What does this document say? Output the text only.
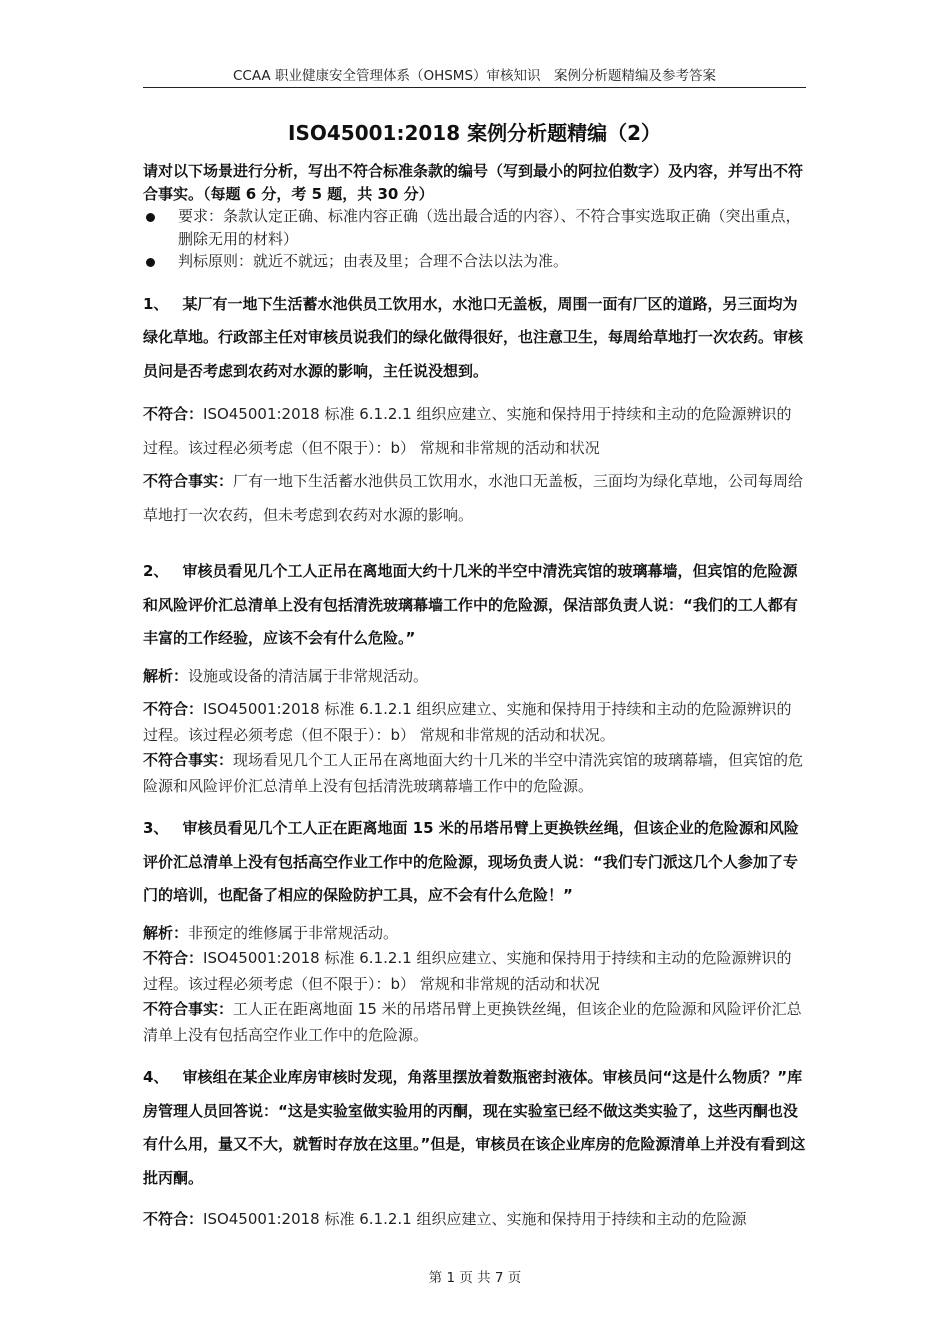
CCAA 职业健康安全管理体系（OHSMS）审核知识　案例分析题精编及参考答案
ISO45001:2018 案例分析题精编（2）

请对以下场景进行分析，写出不符合标准条款的编号（写到最小的阿拉伯数字）及内容，并写出不符合事实。（每题 6 分，考 5 题，共 30 分）

要求：条款认定正确、标准内容正确（选出最合适的内容）、不符合事实选取正确（突出重点，删除无用的材料）
判标原则：就近不就远；由表及里；合理不合法以法为准。

1、 某厂有一地下生活蓄水池供员工饮用水，水池口无盖板，周围一面有厂区的道路，另三面均为绿化草地。行政部主任对审核员说我们的绿化做得很好，也注意卫生，每周给草地打一次农药。审核员问是否考虑到农药对水源的影响，主任说没想到。

不符合：ISO45001:2018 标准 6.1.2.1 组织应建立、实施和保持用于持续和主动的危险源辨识的过程。该过程必须考虑（但不限于）：b） 常规和非常规的活动和状况

不符合事实：厂有一地下生活蓄水池供员工饮用水，水池口无盖板，三面均为绿化草地，公司每周给草地打一次农药，但未考虑到农药对水源的影响。

2、 审核员看见几个工人正吊在离地面大约十几米的半空中清洗宾馆的玻璃幕墙，但宾馆的危险源和风险评价汇总清单上没有包括清洗玻璃幕墙工作中的危险源，保洁部负责人说：“我们的工人都有丰富的工作经验，应该不会有什么危险。”

解析：设施或设备的清洁属于非常规活动。

不符合：ISO45001:2018 标准 6.1.2.1 组织应建立、实施和保持用于持续和主动的危险源辨识的过程。该过程必须考虑（但不限于）：b） 常规和非常规的活动和状况。

不符合事实：现场看见几个工人正吊在离地面大约十几米的半空中清洗宾馆的玻璃幕墙，但宾馆的危险源和风险评价汇总清单上没有包括清洗玻璃幕墙工作中的危险源。

3、 审核员看见几个工人正在距离地面 15 米的吊塔吊臂上更换铁丝绳，但该企业的危险源和风险评价汇总清单上没有包括高空作业工作中的危险源，现场负责人说：“我们专门派这几个人参加了专门的培训，也配备了相应的保险防护工具，应不会有什么危险！”

解析：非预定的维修属于非常规活动。

不符合：ISO45001:2018 标准 6.1.2.1 组织应建立、实施和保持用于持续和主动的危险源辨识的过程。该过程必须考虑（但不限于）：b） 常规和非常规的活动和状况

不符合事实：工人正在距离地面 15 米的吊塔吊臂上更换铁丝绳，但该企业的危险源和风险评价汇总清单上没有包括高空作业工作中的危险源。

4、 审核组在某企业库房审核时发现，角落里摆放着数瓶密封液体。审核员问“这是什么物质？”库房管理人员回答说：“这是实验室做实验用的丙酮，现在实验室已经不做这类实验了，这些丙酮也没有什么用，量又不大，就暂时存放在这里。”但是，审核员在该企业库房的危险源清单上并没有看到这批丙酮。

不符合：ISO45001:2018 标准 6.1.2.1 组织应建立、实施和保持用于持续和主动的危险源

第 1 页 共 7 页
